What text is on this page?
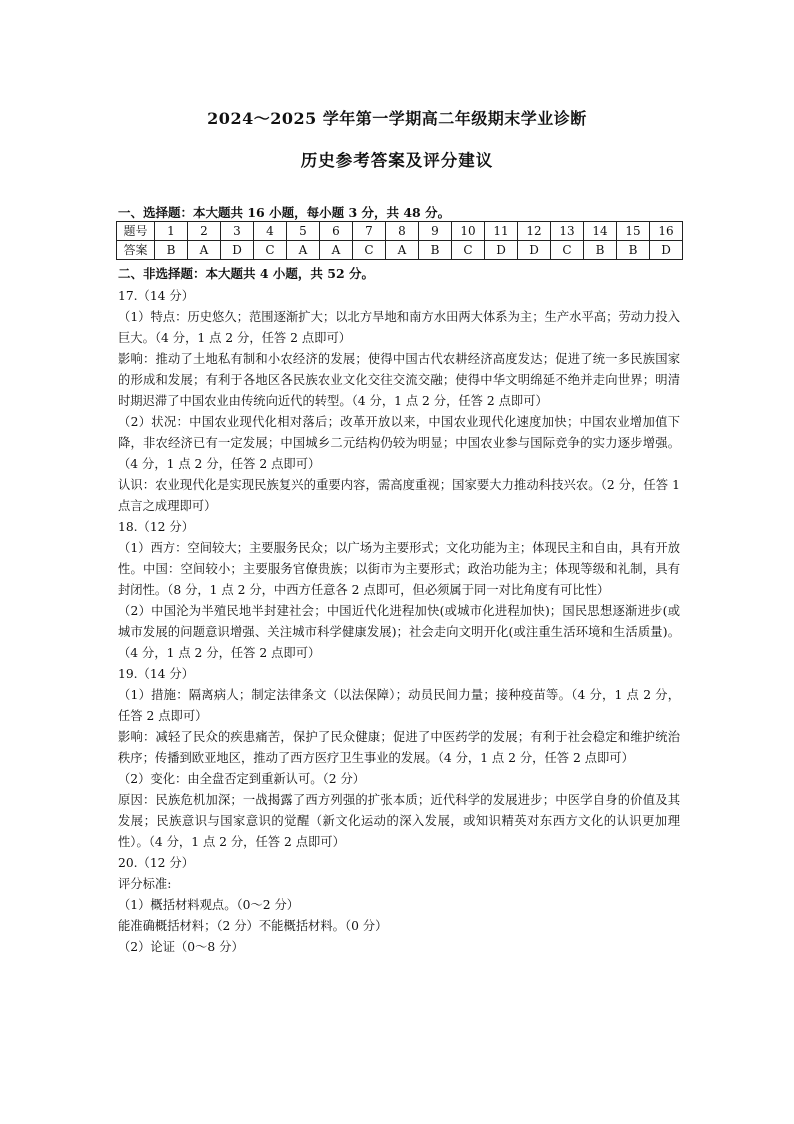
2024～2025 学年第一学期高二年级期末学业诊断
历史参考答案及评分建议
一、选择题：本大题共 16 小题，每小题 3 分，共 48 分。
题号	1	2	3	4	5	6	7	8	9	10	11	12	13	14	15	16
答案	B	A	D	C	A	A	C	A	B	C	D	D	C	B	B	D
二、非选择题：本大题共 4 小题，共 52 分。

17.（14 分）

（1）特点：历史悠久；范围逐渐扩大；以北方旱地和南方水田两大体系为主；生产水平高；劳动力投入巨大。（4 分，1 点 2 分，任答 2 点即可）

影响：推动了土地私有制和小农经济的发展；使得中国古代农耕经济高度发达；促进了统一多民族国家的形成和发展；有利于各地区各民族农业文化交往交流交融；使得中华文明绵延不绝并走向世界；明清时期迟滞了中国农业由传统向近代的转型。（4 分，1 点 2 分，任答 2 点即可）

（2）状况：中国农业现代化相对落后；改革开放以来，中国农业现代化速度加快；中国农业增加值下降，非农经济已有一定发展；中国城乡二元结构仍较为明显；中国农业参与国际竞争的实力逐步增强。（4 分，1 点 2 分，任答 2 点即可）

认识：农业现代化是实现民族复兴的重要内容，需高度重视；国家要大力推动科技兴农。（2 分，任答 1 点言之成理即可）

18.（12 分）

（1）西方：空间较大；主要服务民众；以广场为主要形式；文化功能为主；体现民主和自由，具有开放性。中国：空间较小；主要服务官僚贵族；以街市为主要形式；政治功能为主；体现等级和礼制，具有封闭性。（8 分，1 点 2 分，中西方任意各 2 点即可，但必须属于同一对比角度有可比性）

（2）中国沦为半殖民地半封建社会；中国近代化进程加快(或城市化进程加快)；国民思想逐渐进步(或城市发展的问题意识增强、关注城市科学健康发展)；社会走向文明开化(或注重生活环境和生活质量)。（4 分，1 点 2 分，任答 2 点即可）

19.（14 分）

（1）措施：隔离病人；制定法律条文（以法保障）；动员民间力量；接种疫苗等。（4 分，1 点 2 分，任答 2 点即可）

影响：减轻了民众的疾患痛苦，保护了民众健康；促进了中医药学的发展；有利于社会稳定和维护统治秩序；传播到欧亚地区，推动了西方医疗卫生事业的发展。（4 分，1 点 2 分，任答 2 点即可）

（2）变化：由全盘否定到重新认可。（2 分）

原因：民族危机加深；一战揭露了西方列强的扩张本质；近代科学的发展进步；中医学自身的价值及其发展；民族意识与国家意识的觉醒（新文化运动的深入发展，或知识精英对东西方文化的认识更加理性）。（4 分，1 点 2 分，任答 2 点即可）

20.（12 分）

评分标准:

（1）概括材料观点。（0～2 分）

能准确概括材料；（2 分）不能概括材料。（0 分）

（2）论证（0～8 分）
